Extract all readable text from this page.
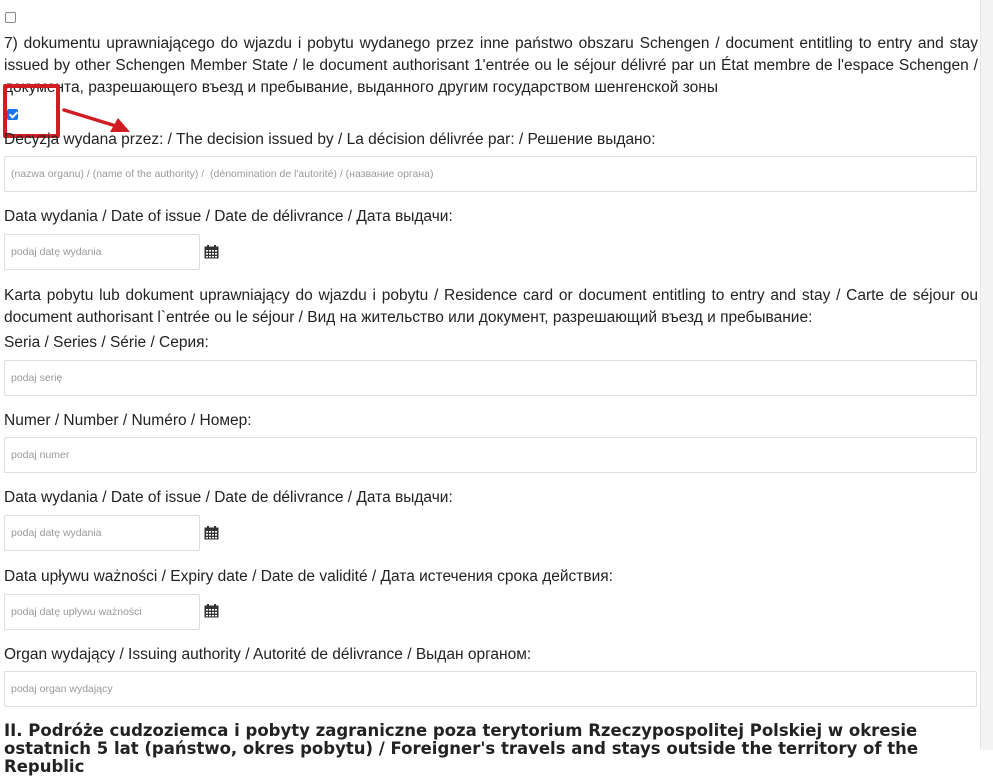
7) dokumentu uprawniającego do wjazdu i pobytu wydanego przez inne państwo obszaru Schengen / document entitling to entry and stay issued by other Schengen Member State / le document authorisant 1'entrée ou le séjour délivré par un État membre de l'espace Schengen / документа, разрешающего въезд и пребывание, выданного другим государством шенгенской зоны
Decyzja wydana przez: / The decision issued by / La décision délivrée par: / Решение выдано:
(nazwa organu) / (name of the authority) / (dénomination de l'autorité) / (название органа)
Data wydania / Date of issue / Date de délivrance / Дата выдачи:
podaj datę wydania
Karta pobytu lub dokument uprawniający do wjazdu i pobytu / Residence card or document entitling to entry and stay / Carte de séjour ou document authorisant l`entrée ou le séjour / Вид на жительство или документ, разрешающий въезд и пребывание:
Seria / Series / Série / Серия:
podaj serię
Numer / Number / Numéro / Номер:
podaj numer
Data wydania / Date of issue / Date de délivrance / Дата выдачи:
podaj datę wydania
Data upływu ważności / Expiry date / Date de validité / Дата истечения срока действия:
podaj datę upływu ważności
Organ wydający / Issuing authority / Autorité de délivrance / Выдан органом:
podaj organ wydający
II. Podróże cudzoziemca i pobyty zagraniczne poza terytorium Rzeczypospolitej Polskiej w okresie ostatnich 5 lat (państwo, okres pobytu) / Foreigner's travels and stays outside the territory of the Republic
